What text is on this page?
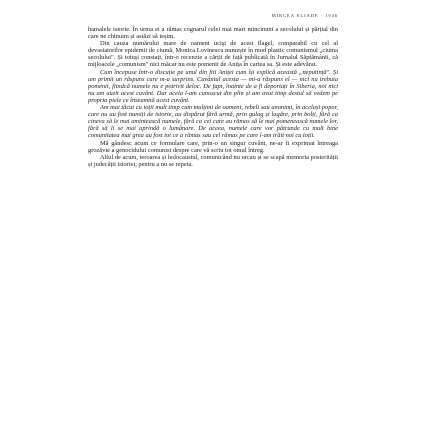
MIRCEA ELIADE · 1946

hamalele istorie. În urma ei a rămas cognarul celei mai mari mincinuni a secolului și părțial din care ne chinuim și astăzi să ieșim.

Din cauza numărului mare de oameni ucişi de acest flagel, comparabil cu cel al devastatorilor epidemii de ciumă, Monica Lovinescu numește în mod plastic comunismul „ciuma secolului". Și totuși constați, într-o recenzie a cărții de față publicată în Jurnalul Săptămânii, că mijloacele „comunism" nici măcar nu este pomenit de Anița în cartea sa. Și este adevărat.

Cum începuse într-o discuție pe unul din fiii Aniței cum își explică această „neputință". Și am primit un răspuns care m-a surprins. Cuvântul acesta — mi-a răspuns el — nici nu trebuia pomenit, fiindcă numele nu e potrivit deloc. De fapt, înainte de a fi deportați în Siberia, noi nici nu am auzit acest cuvânt. Dar acela l-am cunoscut din plin și am avut timp destul să vedem pe propria piele ce înseamnă acest cuvânt.

Am mai tăcut cu toții mult timp cum mulțimi de oameni, rebeli sau anonimi, în același popor, care nu au fost numiți de istorie, au dispărut fără urmă, prin gulag și lagăre, prin bolți, fără ca cineva să le mai amintească numele, fără ca cei care au rămas să le mai pomenească numele lor, fără să li se mai aprindă o lumânare. De aceea, numele care vor pătrunde cu mult bine comunitatea mai grea au fost tot ce a rămas sau cel rămas pe care l-am trăit noi cu toții.

Mă gândesc acum ce formulare care, prin-o un singur cuvânt, ne-ar fi exprimat întreaga grozăvie a genocidului comunist despre care vă scriu tot omul întreg.

Altul de acum, teroarea și holocaustul, comunicând nu urcau și se scapă memoria posterității și judecății istoriei, pentru a nu se repeta.
